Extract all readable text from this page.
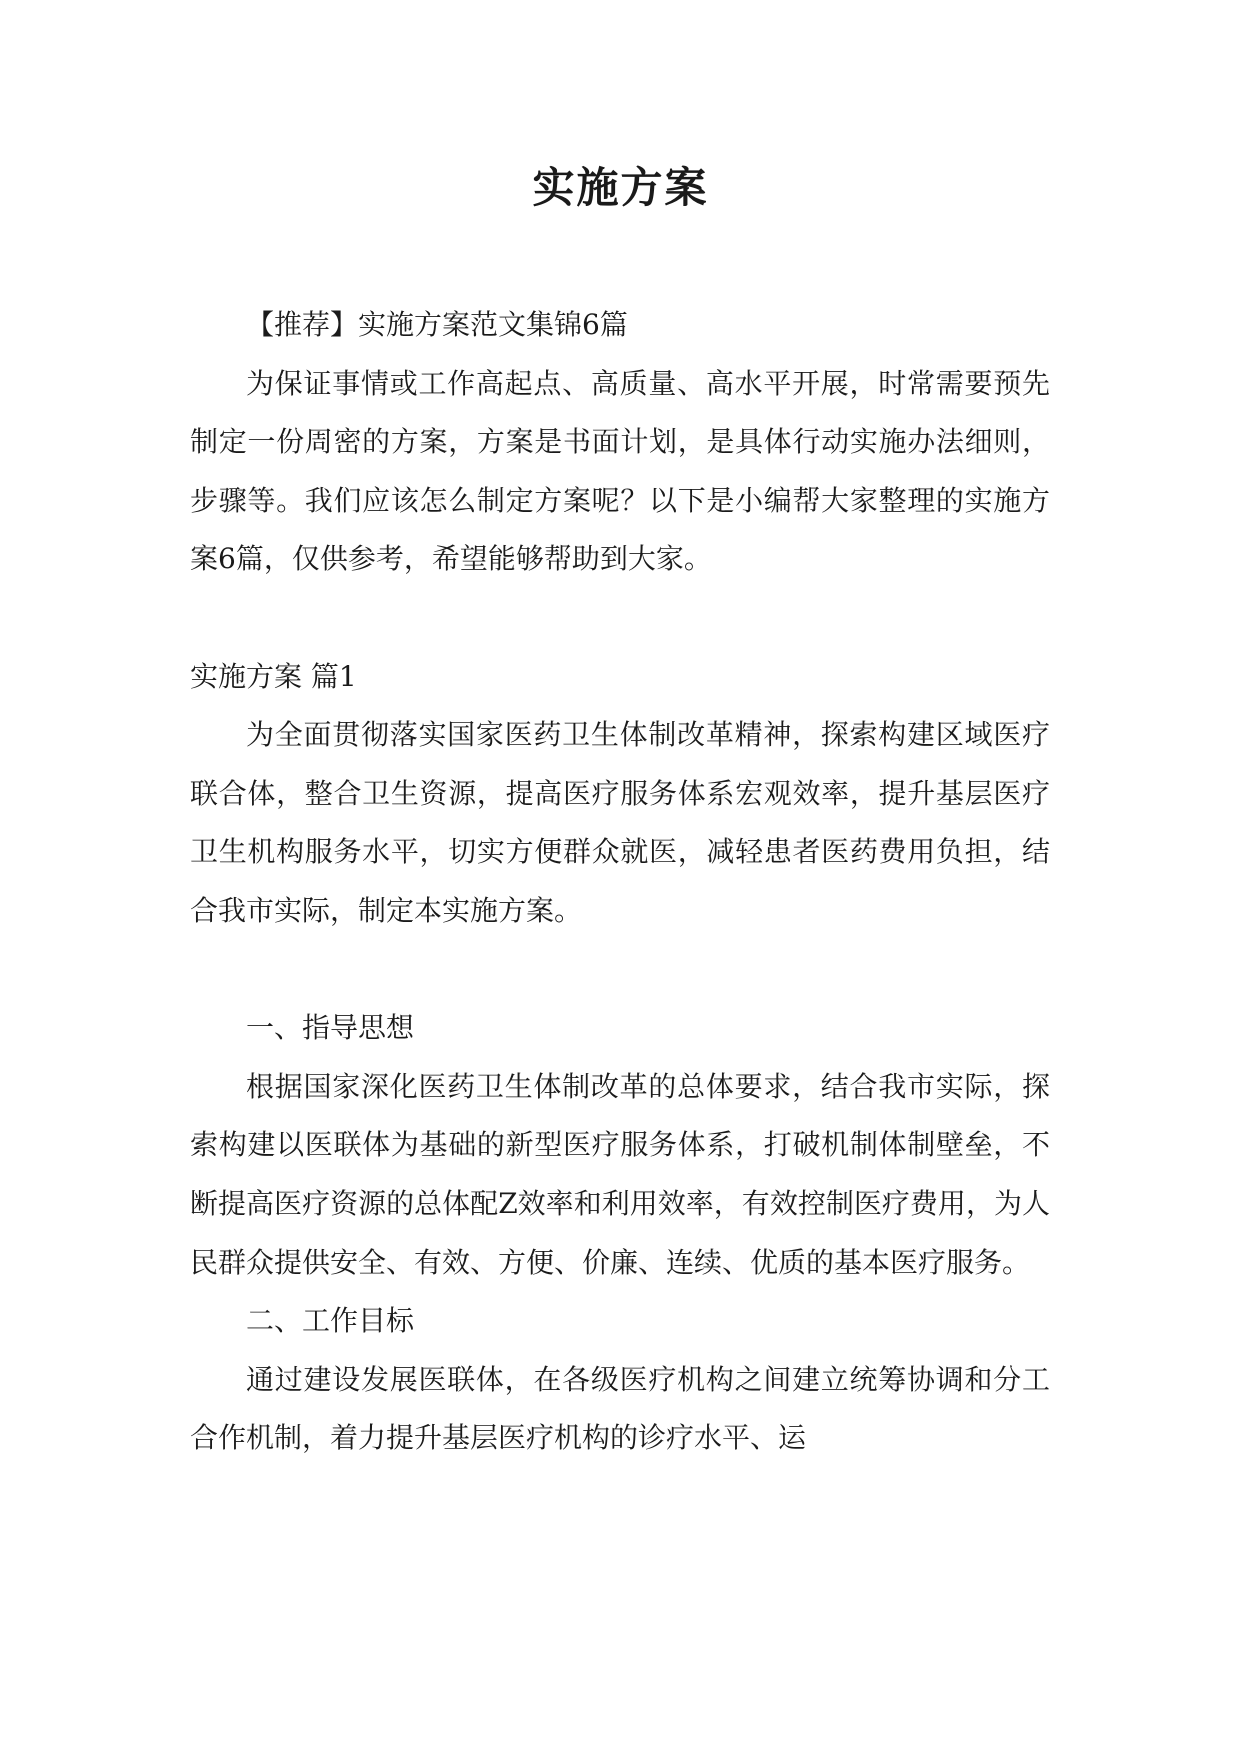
实施方案

【推荐】实施方案范文集锦6篇

为保证事情或工作高起点、高质量、高水平开展，时常需要预先制定一份周密的方案，方案是书面计划，是具体行动实施办法细则，步骤等。我们应该怎么制定方案呢？以下是小编帮大家整理的实施方案6篇，仅供参考，希望能够帮助到大家。

实施方案 篇1

为全面贯彻落实国家医药卫生体制改革精神，探索构建区域医疗联合体，整合卫生资源，提高医疗服务体系宏观效率，提升基层医疗卫生机构服务水平，切实方便群众就医，减轻患者医药费用负担，结合我市实际，制定本实施方案。

一、指导思想

根据国家深化医药卫生体制改革的总体要求，结合我市实际，探索构建以医联体为基础的新型医疗服务体系，打破机制体制壁垒，不断提高医疗资源的总体配Z效率和利用效率，有效控制医疗费用，为人民群众提供安全、有效、方便、价廉、连续、优质的基本医疗服务。

二、工作目标

通过建设发展医联体，在各级医疗机构之间建立统筹协调和分工合作机制，着力提升基层医疗机构的诊疗水平、运
